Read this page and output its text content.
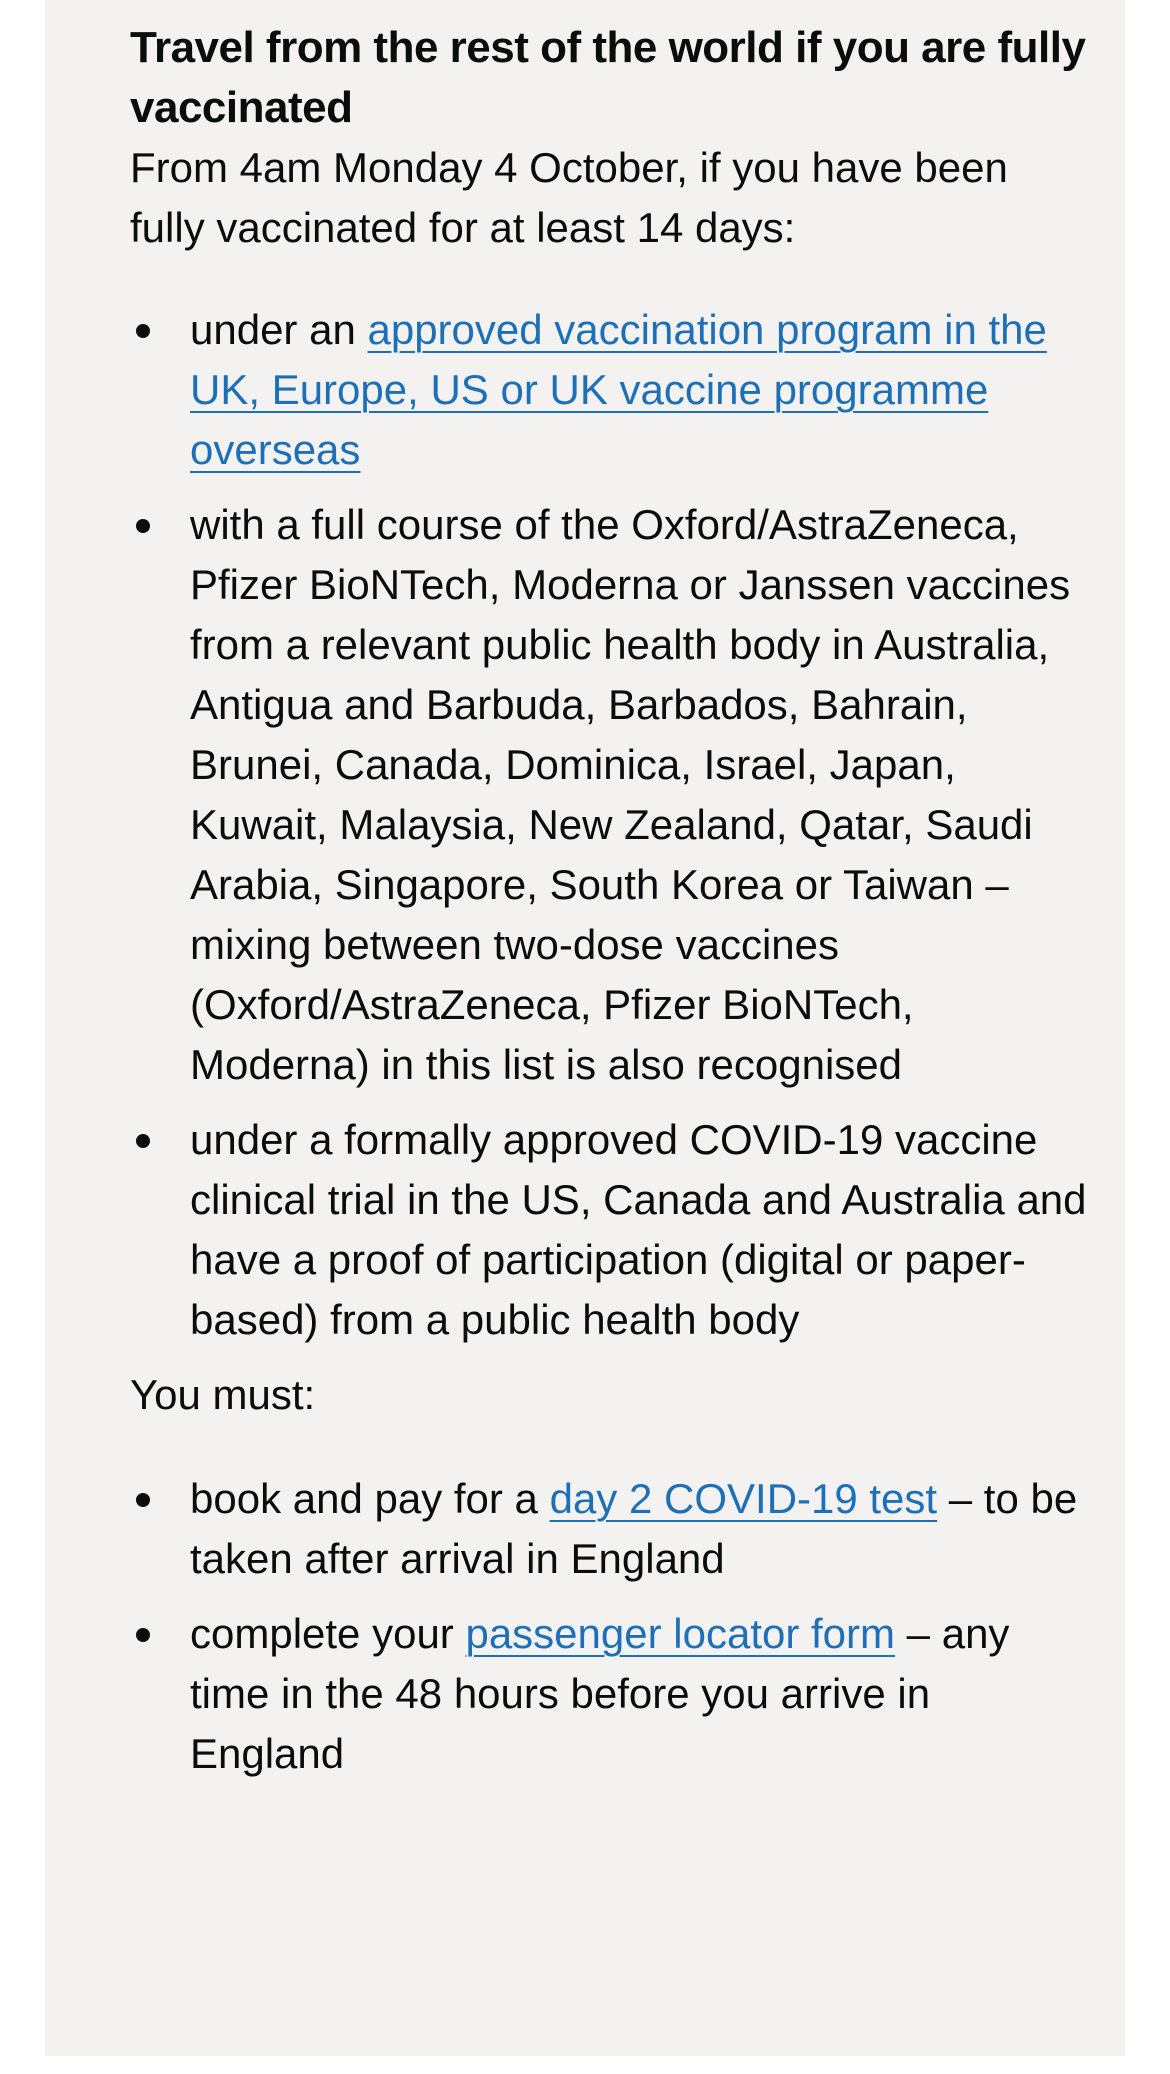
Travel from the rest of the world if you are fully vaccinated

From 4am Monday 4 October, if you have been fully vaccinated for at least 14 days:

under an approved vaccination program in the UK, Europe, US or UK vaccine programme overseas
with a full course of the Oxford/AstraZeneca, Pfizer BioNTech, Moderna or Janssen vaccines from a relevant public health body in Australia, Antigua and Barbuda, Barbados, Bahrain, Brunei, Canada, Dominica, Israel, Japan, Kuwait, Malaysia, New Zealand, Qatar, Saudi Arabia, Singapore, South Korea or Taiwan – mixing between two-dose vaccines (Oxford/AstraZeneca, Pfizer BioNTech, Moderna) in this list is also recognised
under a formally approved COVID-19 vaccine clinical trial in the US, Canada and Australia and have a proof of participation (digital or paper-based) from a public health body

You must:

book and pay for a day 2 COVID-19 test – to be taken after arrival in England
complete your passenger locator form – any time in the 48 hours before you arrive in England
